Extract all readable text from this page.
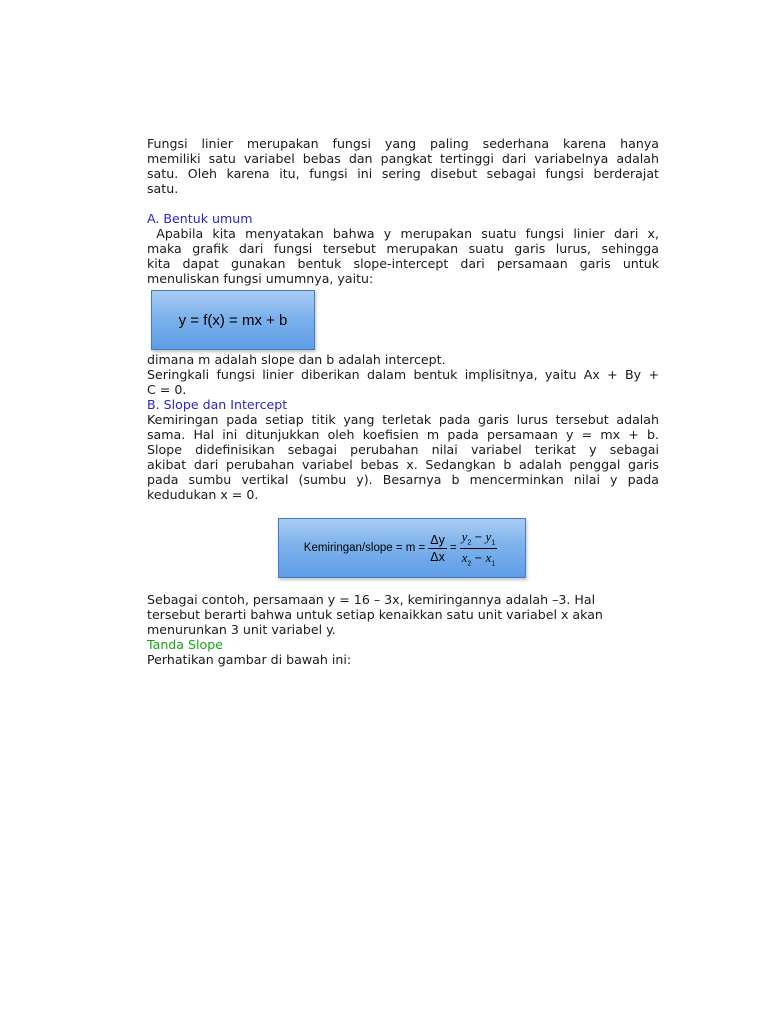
Fungsi linier merupakan fungsi yang paling sederhana karena hanya

memiliki satu variabel bebas dan pangkat tertinggi dari variabelnya adalah

satu. Oleh karena itu, fungsi ini sering disebut sebagai fungsi berderajat

satu.

A. Bentuk umum

Apabila kita menyatakan bahwa y merupakan suatu fungsi linier dari x,

maka grafik dari fungsi tersebut merupakan suatu garis lurus, sehingga

kita dapat gunakan bentuk slope-intercept dari persamaan garis untuk

menuliskan fungsi umumnya, yaitu:

dimana m adalah slope dan b adalah intercept.

Seringkali fungsi linier diberikan dalam bentuk implisitnya, yaitu Ax + By +

C = 0.

B. Slope dan Intercept

Kemiringan pada setiap titik yang terletak pada garis lurus tersebut adalah

sama. Hal ini ditunjukkan oleh koefisien m pada persamaan y = mx + b.

Slope didefinisikan sebagai perubahan nilai variabel terikat y sebagai

akibat dari perubahan variabel bebas x. Sedangkan b adalah penggal garis

pada sumbu vertikal (sumbu y). Besarnya b mencerminkan nilai y pada

kedudukan x = 0.

Sebagai contoh, persamaan y = 16 – 3x, kemiringannya adalah –3. Hal

tersebut berarti bahwa untuk setiap kenaikkan satu unit variabel x akan

menurunkan 3 unit variabel y.

Tanda Slope

Perhatikan gambar di bawah ini:

y = f(x) = mx + b
Kemiringan/slope = $m = \frac{\Delta y}{\Delta x} = \frac{y_2 - y_1}{x_2 - x_1}$
